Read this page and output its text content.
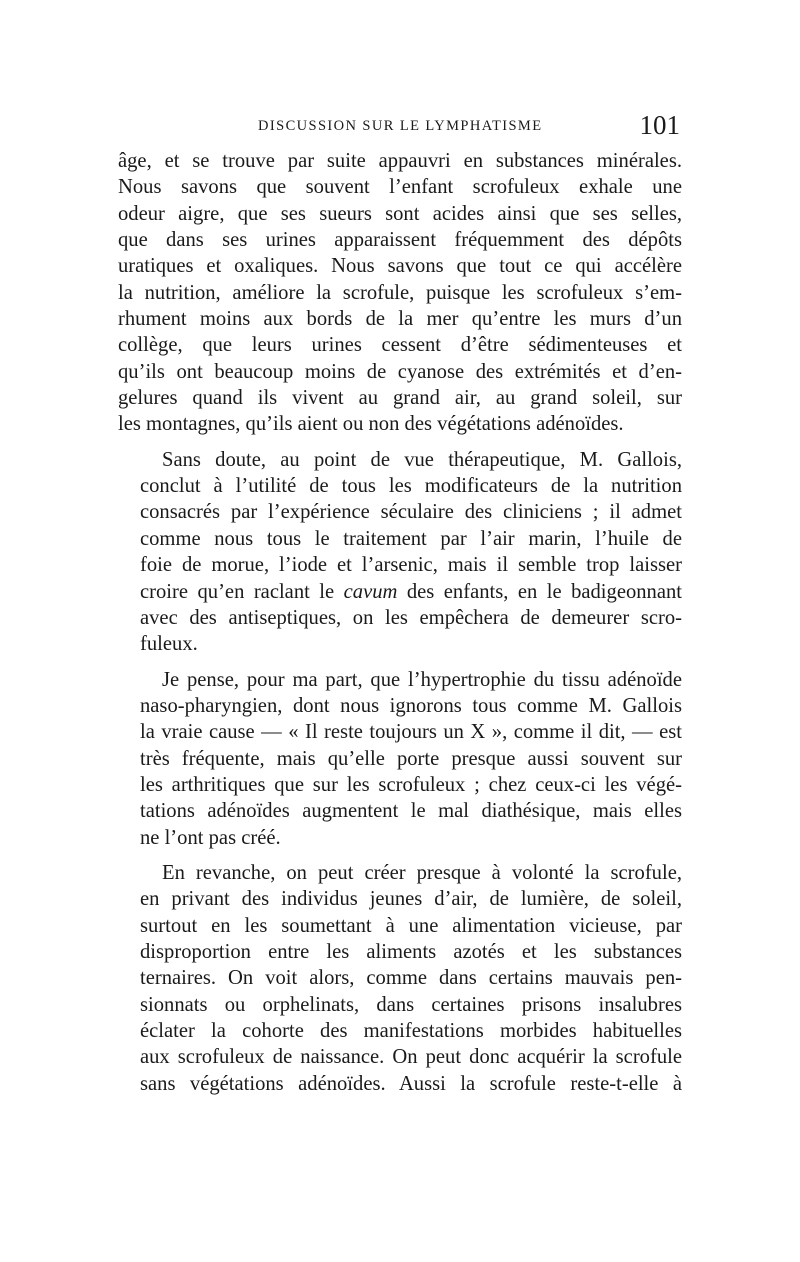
DISCUSSION SUR LE LYMPHATISME	101

âge, et se trouve par suite appauvri en substances minérales.
Nous savons que souvent l’enfant scrofuleux exhale une
odeur aigre, que ses sueurs sont acides ainsi que ses selles,
que dans ses urines apparaissent fréquemment des dépôts
uratiques et oxaliques. Nous savons que tout ce qui accélère
la nutrition, améliore la scrofule, puisque les scrofuleux s’em-
rhument moins aux bords de la mer qu’entre les murs d’un
collège, que leurs urines cessent d’être sédimenteuses et
qu’ils ont beaucoup moins de cyanose des extrémités et d’en-
gelures quand ils vivent au grand air, au grand soleil, sur
les montagnes, qu’ils aient ou non des végétations adénoïdes.

Sans doute, au point de vue thérapeutique, M. Gallois,
conclut à l’utilité de tous les modificateurs de la nutrition
consacrés par l’expérience séculaire des cliniciens ; il admet
comme nous tous le traitement par l’air marin, l’huile de
foie de morue, l’iode et l’arsenic, mais il semble trop laisser
croire qu’en raclant le cavum des enfants, en le badigeonnant
avec des antiseptiques, on les empêchera de demeurer scro-
fuleux.

Je pense, pour ma part, que l’hypertrophie du tissu adénoïde
naso-pharyngien, dont nous ignorons tous comme M. Gallois
la vraie cause — « Il reste toujours un X », comme il dit, — est
très fréquente, mais qu’elle porte presque aussi souvent sur
les arthritiques que sur les scrofuleux ; chez ceux-ci les végé-
tations adénoïdes augmentent le mal diathésique, mais elles
ne l’ont pas créé.

En revanche, on peut créer presque à volonté la scrofule,
en privant des individus jeunes d’air, de lumière, de soleil,
surtout en les soumettant à une alimentation vicieuse, par
disproportion entre les aliments azotés et les substances
ternaires. On voit alors, comme dans certains mauvais pen-
sionnats ou orphelinats, dans certaines prisons insalubres
éclater la cohorte des manifestations morbides habituelles
aux scrofuleux de naissance. On peut donc acquérir la scrofule
sans végétations adénoïdes. Aussi la scrofule reste-t-elle à
